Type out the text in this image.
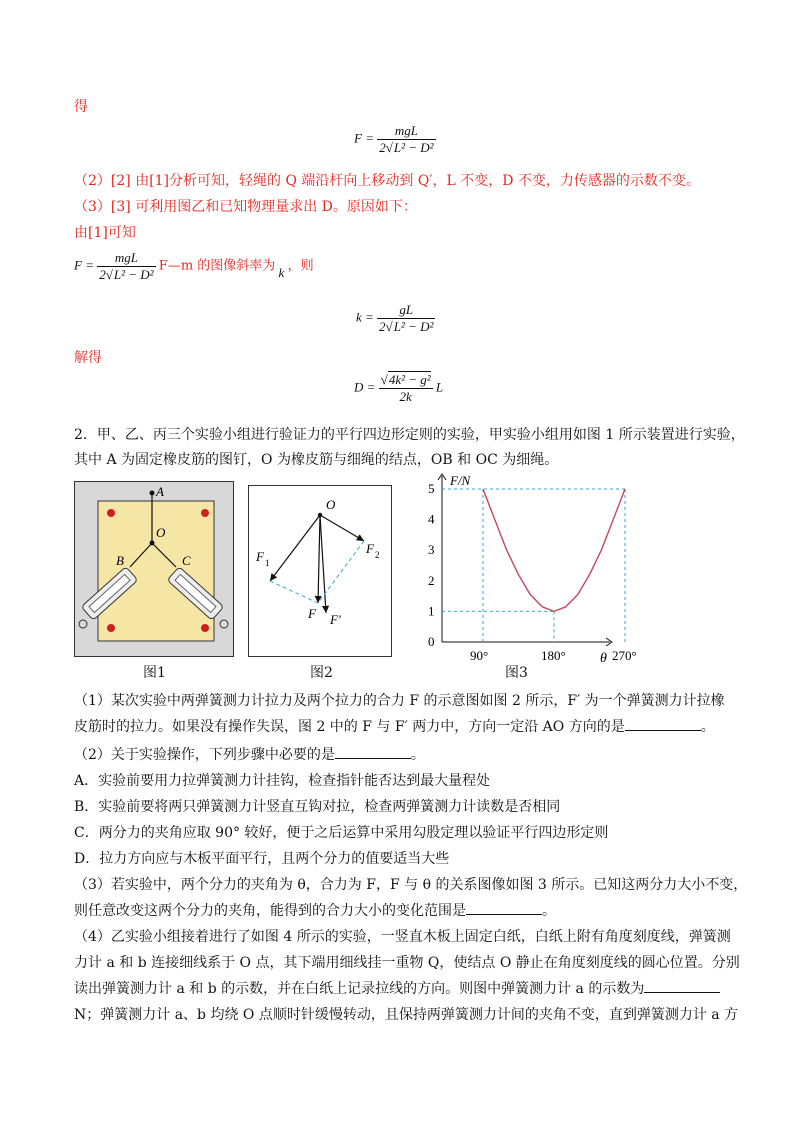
得
$F = \frac{\text{mgL}}{\text{2√L² − D²}}$
（2）[2] 由[1]分析可知，轻绳的 Q 端沿杆向上移动到 Q′，L 不变，D 不变，力传感器的示数不变。
（3）[3] 可利用图乙和已知物理量求出 D。原因如下：
由[1]可知
$F = \frac{\text{mgL}}{\text{2√L² − D²}}$ F—m 的图像斜率为 k ，则
$k = \frac{gL}{\text{2√L² − D²}}$
解得
$D = \frac{\text{√4k² − g²}}{2k}$ L
2．甲、乙、丙三个实验小组进行验证力的平行四边形定则的实验，甲实验小组用如图 1 所示装置进行实验，
其中 A 为固定橡皮筋的图钉，O 为橡皮筋与细绳的结点，OB 和 OC 为细绳。
A
O
B	C
图1
O
F 1
F 2
F F′
图2
F/N
θ
0
1
2
3
4
5
90°	180°	270°
图3
（1）某次实验中两弹簧测力计拉力及两个拉力的合力 F 的示意图如图 2 所示，F′ 为一个弹簧测力计拉橡
皮筋时的拉力。如果没有操作失误，图 2 中的 F 与 F′ 两力中，方向一定沿 AO 方向的是	。
（2）关于实验操作，下列步骤中必要的是	。
A．实验前要用力拉弹簧测力计挂钩，检查指针能否达到最大量程处
B．实验前要将两只弹簧测力计竖直互钩对拉，检查两弹簧测力计读数是否相同
C．两分力的夹角应取 90° 较好，便于之后运算中采用勾股定理以验证平行四边形定则
D．拉力方向应与木板平面平行，且两个分力的值要适当大些
（3）若实验中，两个分力的夹角为 θ，合力为 F，F 与 θ 的关系图像如图 3 所示。已知这两分力大小不变，
则任意改变这两个分力的夹角，能得到的合力大小的变化范围是	。
（4）乙实验小组接着进行了如图 4 所示的实验，一竖直木板上固定白纸，白纸上附有角度刻度线，弹簧测
力计 a 和 b 连接细线系于 O 点，其下端用细线挂一重物 Q，使结点 O 静止在角度刻度线的圆心位置。分别
读出弹簧测力计 a 和 b 的示数，并在白纸上记录拉线的方向。则图中弹簧测力计 a 的示数为
N；弹簧测力计 a、b 均绕 O 点顺时针缓慢转动，且保持两弹簧测力计间的夹角不变，直到弹簧测力计 a 方
